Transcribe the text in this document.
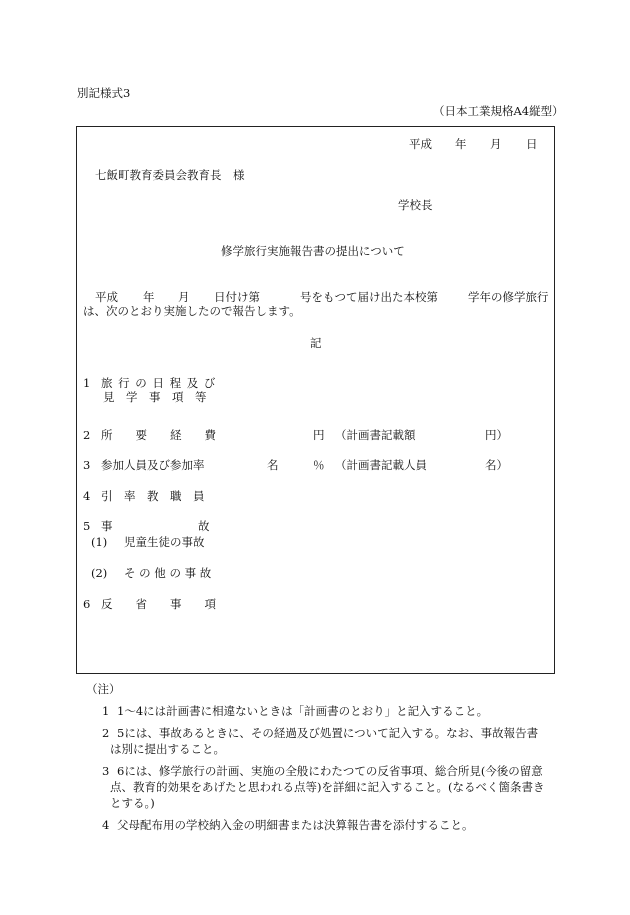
別記様式3
（日本工業規格A4縦型）
平成 年 月 日
七飯町教育委員会教育長　様
学校長
修学旅行実施報告書の提出について
平成 年 月 日付け第	号をもつて届け出た本校第	学年の修学旅行
は、次のとおり実施したので報告します。
記
1 旅 行 の 日 程 及 び
見　学　事　項　等
2 所　　要　　経　　費	円 （計画書記載額	円）
3 参加人員及び参加率	名	％ （計画書記載人員	名）
4 引　率　教　職　員
5 事	故
(1) 児童生徒の事故
(2) そ の 他 の 事 故
6 反　　省　　事　　項
（注）
1 1～4には計画書に相違ないときは「計画書のとおり」と記入すること。
2 5には、事故あるときに、その経過及び処置について記入する。なお、事故報告書
は別に提出すること。
3 6には、修学旅行の計画、実施の全般にわたつての反省事項、総合所見(今後の留意
点、教育的効果をあげたと思われる点等)を詳細に記入すること。(なるべく箇条書き
とする。)
4 父母配布用の学校納入金の明細書または決算報告書を添付すること。
